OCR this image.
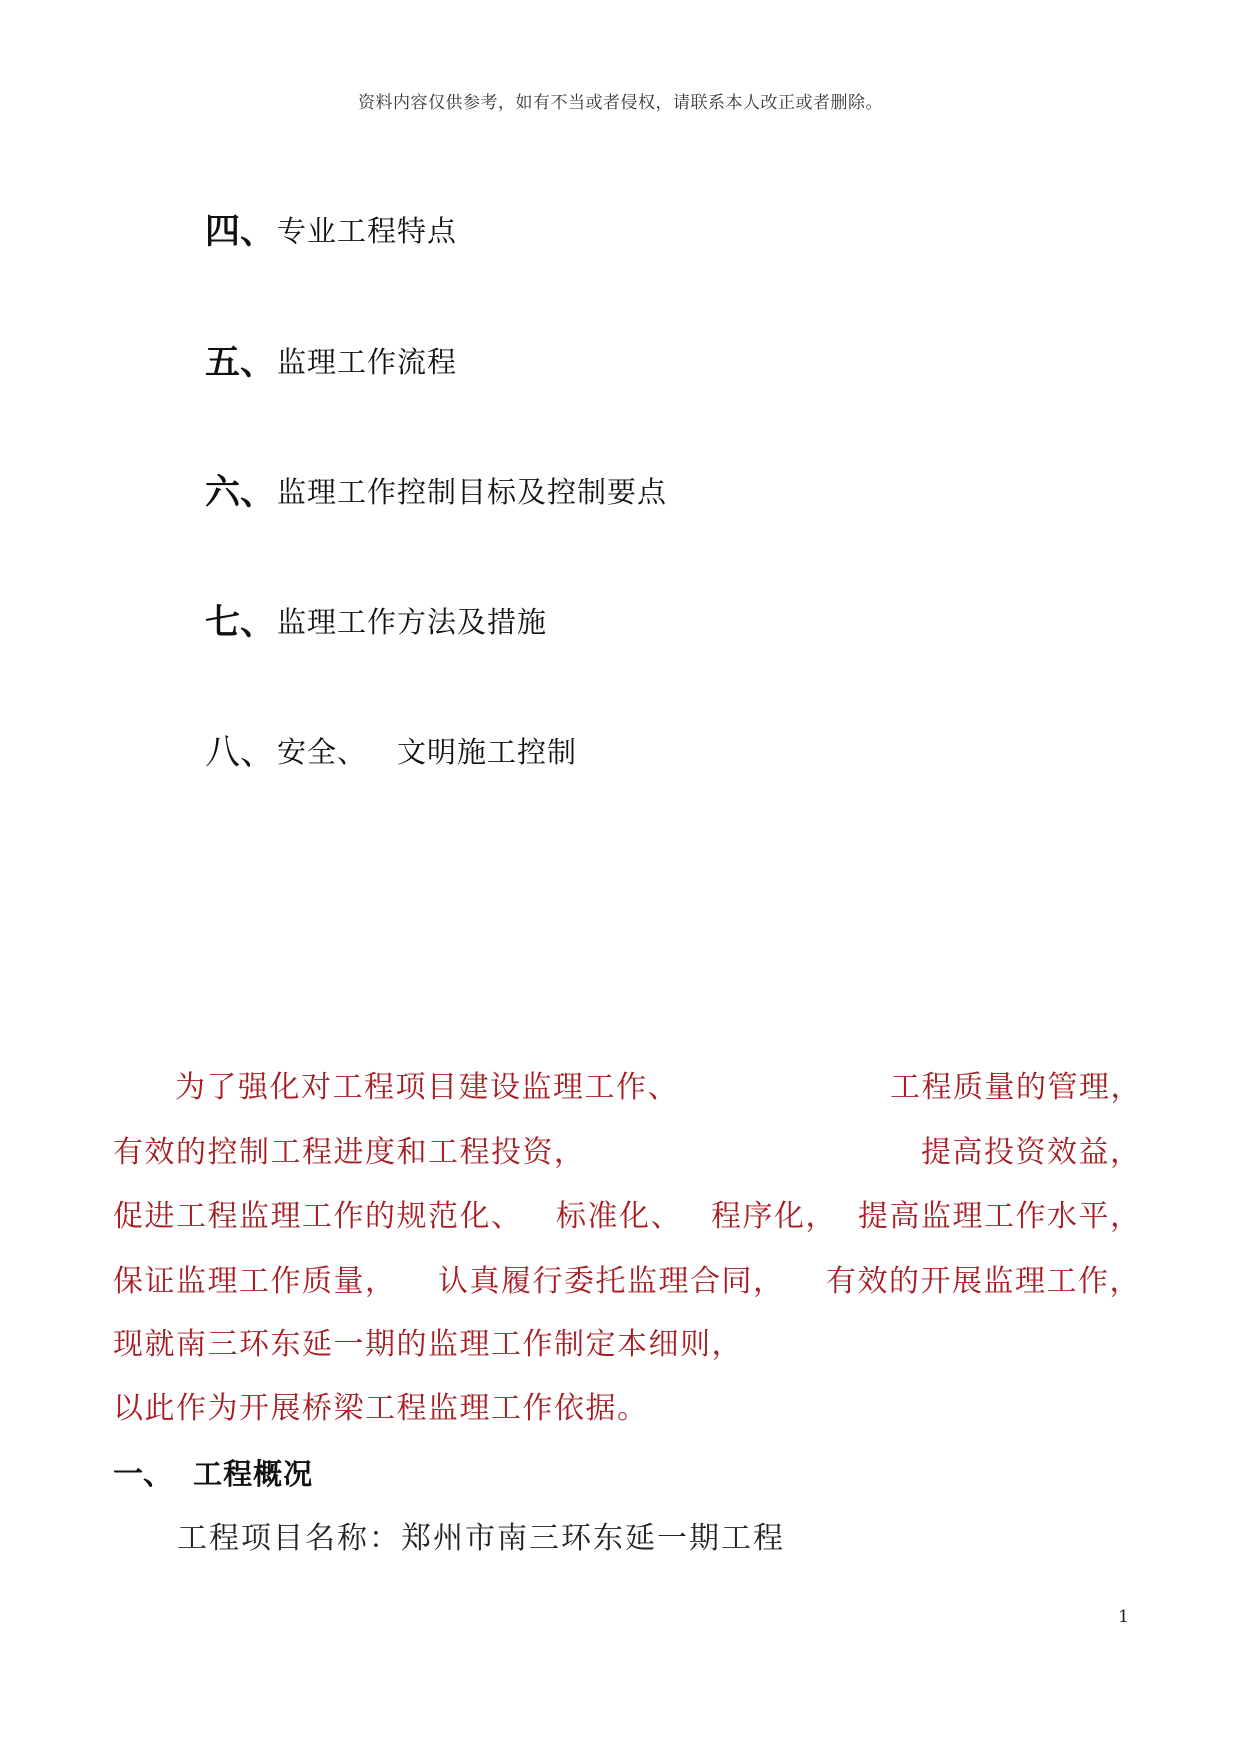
资料内容仅供参考，如有不当或者侵权，请联系本人改正或者删除。
四、 专业工程特点
五、 监理工作流程
六、 监理工作控制目标及控制要点
七、 监理工作方法及措施
八、 安全、 文明施工控制
为了强化对工程项目建设监理工作、	工程质量的管理，
有效的控制工程进度和工程投资，	提高投资效益，
促进工程监理工作的规范化、 标准化、 程序化， 提高监理工作水平，
保证监理工作质量， 认真履行委托监理合同， 有效的开展监理工作，
现就南三环东延一期的监理工作制定本细则，
以此作为开展桥梁工程监理工作依据。
一、 工程概况
工程项目名称：郑州市南三环东延一期工程
1
